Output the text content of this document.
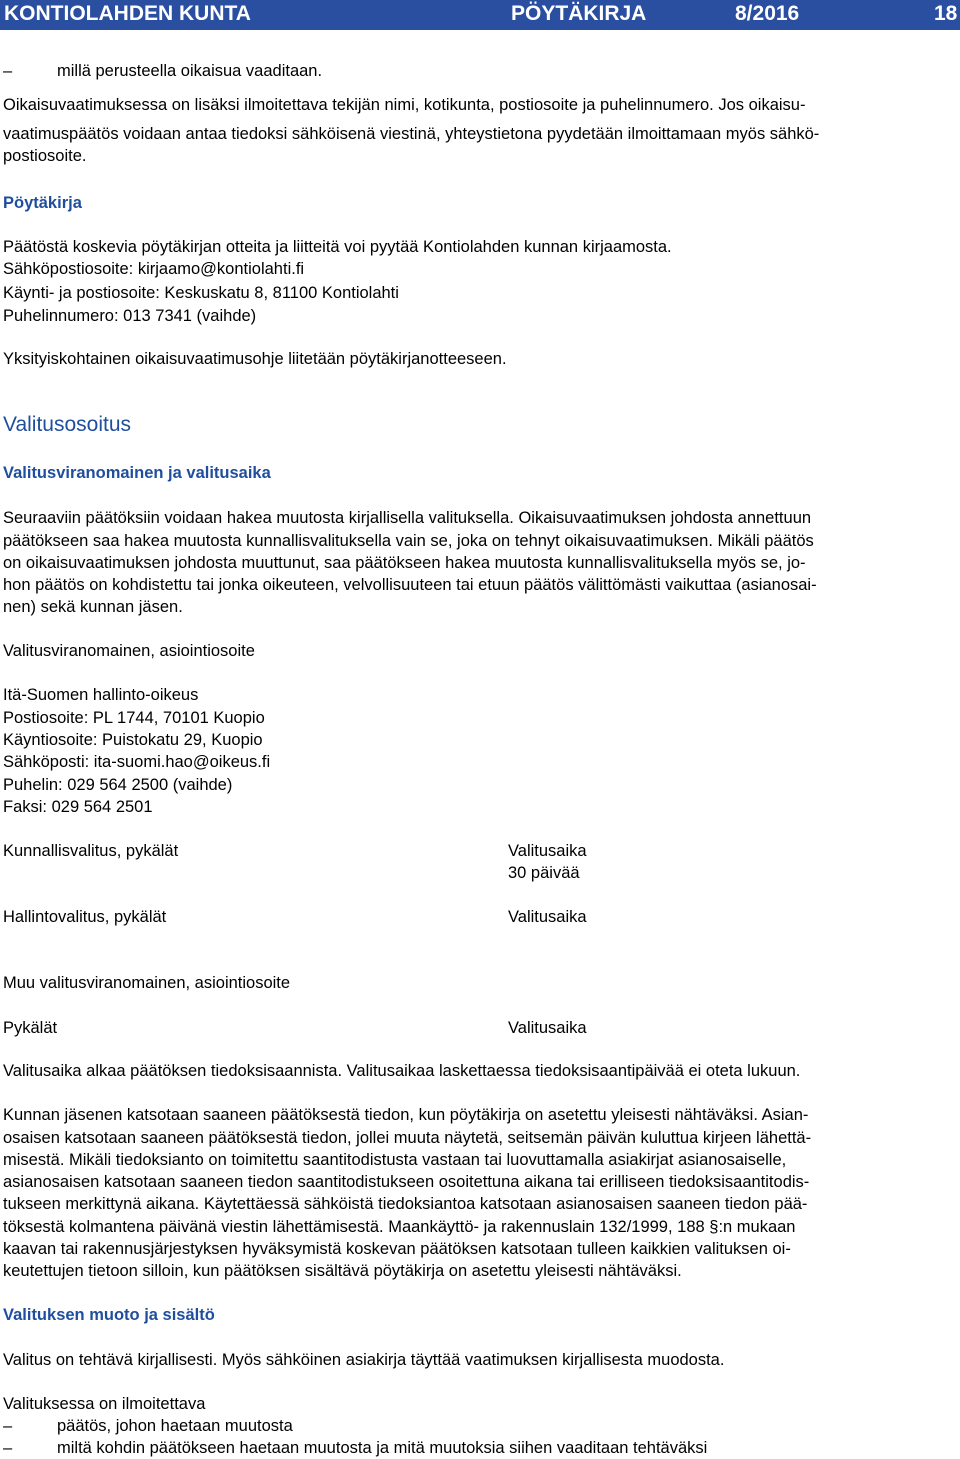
KONTIOLAHDEN KUNTA	PÖYTÄKIRJA	8/2016	18
–	millä perusteella oikaisua vaaditaan.
Oikaisuvaatimuksessa on lisäksi ilmoitettava tekijän nimi, kotikunta, postiosoite ja puhelinnumero. Jos oikaisu-
vaatimuspäätös voidaan antaa tiedoksi sähköisenä viestinä, yhteystietona pyydetään ilmoittamaan myös sähkö-
postiosoite.
Pöytäkirja
Päätöstä koskevia pöytäkirjan otteita ja liitteitä voi pyytää Kontiolahden kunnan kirjaamosta.
Sähköpostiosoite: kirjaamo@kontiolahti.fi
Käynti- ja postiosoite: Keskuskatu 8, 81100 Kontiolahti
Puhelinnumero: 013 7341 (vaihde)
Yksityiskohtainen oikaisuvaatimusohje liitetään pöytäkirjanotteeseen.
Valitusosoitus
Valitusviranomainen ja valitusaika
Seuraaviin päätöksiin voidaan hakea muutosta kirjallisella valituksella. Oikaisuvaatimuksen johdosta annettuun
päätökseen saa hakea muutosta kunnallisvalituksella vain se, joka on tehnyt oikaisuvaatimuksen. Mikäli päätös
on oikaisuvaatimuksen johdosta muuttunut, saa päätökseen hakea muutosta kunnallisvalituksella myös se, jo-
hon päätös on kohdistettu tai jonka oikeuteen, velvollisuuteen tai etuun päätös välittömästi vaikuttaa (asianosai-
nen) sekä kunnan jäsen.
Valitusviranomainen, asiointiosoite
Itä-Suomen hallinto-oikeus
Postiosoite: PL 1744, 70101 Kuopio
Käyntiosoite: Puistokatu 29, Kuopio
Sähköposti: ita-suomi.hao@oikeus.fi
Puhelin: 029 564 2500 (vaihde)
Faksi: 029 564 2501
Kunnallisvalitus, pykälät	Valitusaika
30 päivää
Hallintovalitus, pykälät	Valitusaika
Muu valitusviranomainen, asiointiosoite
Pykälät	Valitusaika
Valitusaika alkaa päätöksen tiedoksisaannista. Valitusaikaa laskettaessa tiedoksisaantipäivää ei oteta lukuun.
Kunnan jäsenen katsotaan saaneen päätöksestä tiedon, kun pöytäkirja on asetettu yleisesti nähtäväksi. Asian-
osaisen katsotaan saaneen päätöksestä tiedon, jollei muuta näytetä, seitsemän päivän kuluttua kirjeen lähettä-
misestä. Mikäli tiedoksianto on toimitettu saantitodistusta vastaan tai luovuttamalla asiakirjat asianosaiselle,
asianosaisen katsotaan saaneen tiedon saantitodistukseen osoitettuna aikana tai erilliseen tiedoksisaantitodis-
tukseen merkittynä aikana. Käytettäessä sähköistä tiedoksiantoa katsotaan asianosaisen saaneen tiedon pää-
töksestä kolmantena päivänä viestin lähettämisestä. Maankäyttö- ja rakennuslain 132/1999, 188 §:n mukaan
kaavan tai rakennusjärjestyksen hyväksymistä koskevan päätöksen katsotaan tulleen kaikkien valituksen oi-
keutettujen tietoon silloin, kun päätöksen sisältävä pöytäkirja on asetettu yleisesti nähtäväksi.
Valituksen muoto ja sisältö
Valitus on tehtävä kirjallisesti. Myös sähköinen asiakirja täyttää vaatimuksen kirjallisesta muodosta.
Valituksessa on ilmoitettava
–	päätös, johon haetaan muutosta
–	miltä kohdin päätökseen haetaan muutosta ja mitä muutoksia siihen vaaditaan tehtäväksi
